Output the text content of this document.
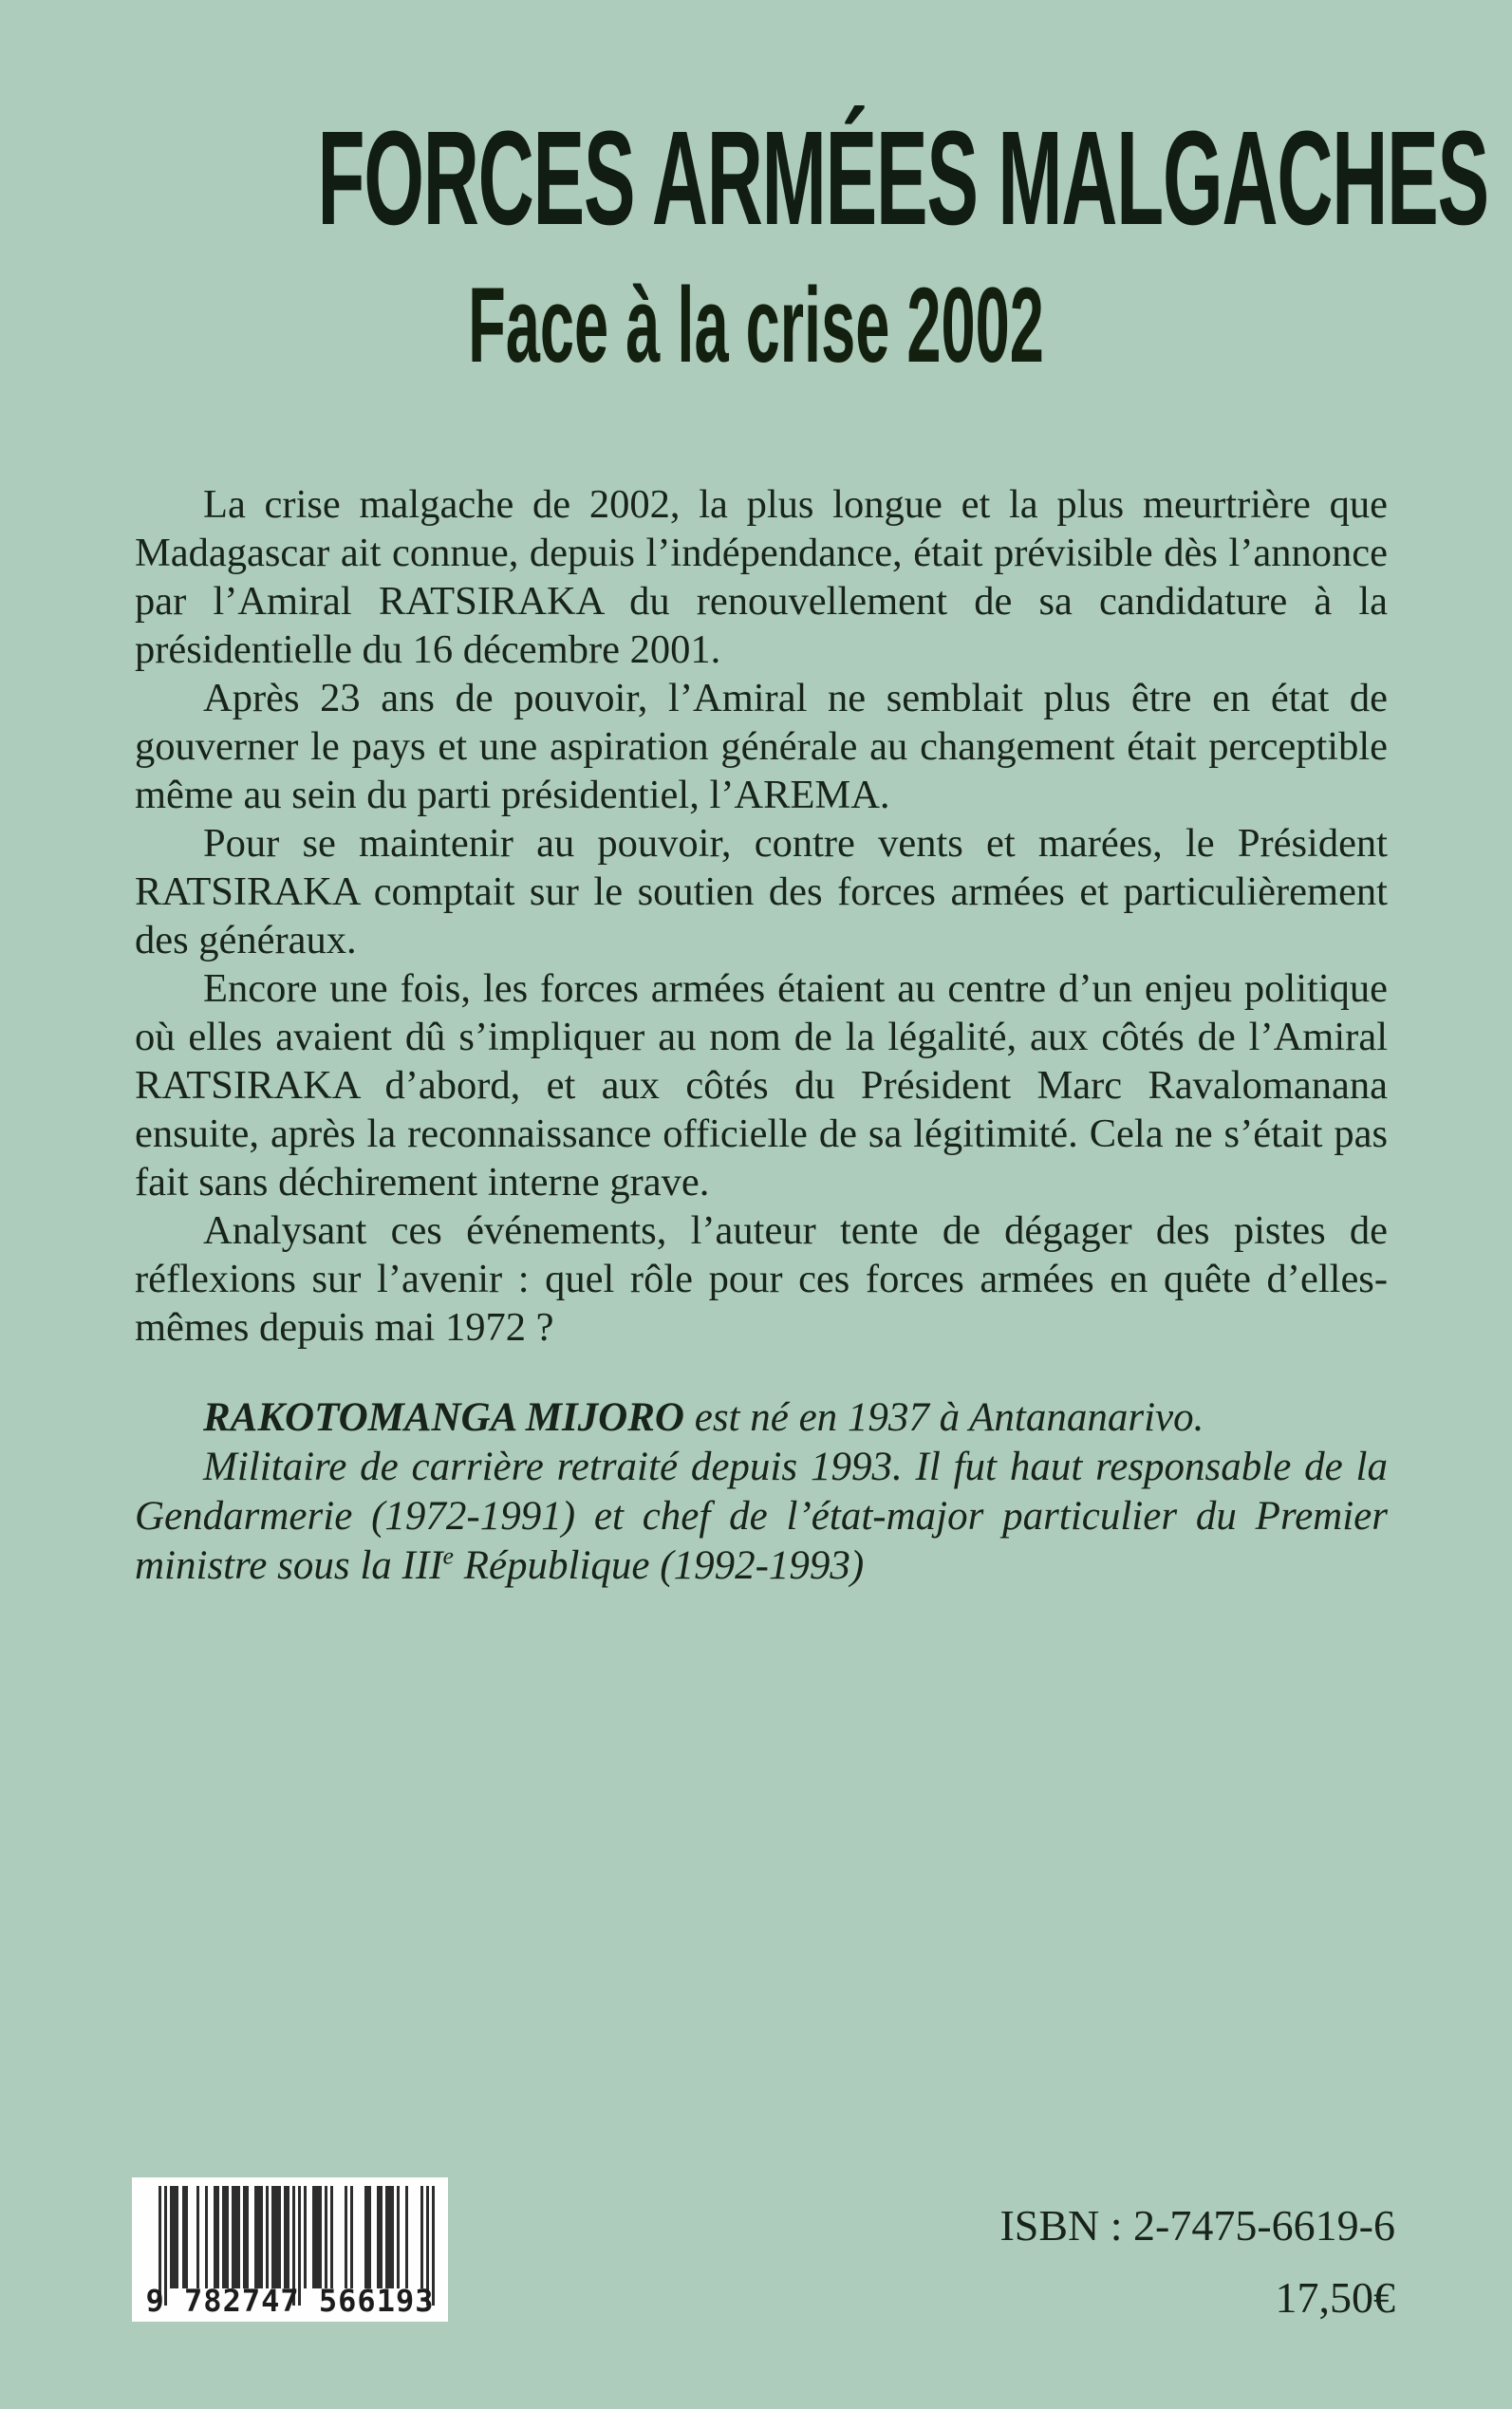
FORCES ARMÉES MALGACHES
Face à la crise 2002

La crise malgache de 2002, la plus longue et la plus meurtrière que Madagascar ait connue, depuis l’indépendance, était prévisible dès l’annonce par l’Amiral RATSIRAKA du renouvellement de sa candidature à la présidentielle du 16 décembre 2001.

Après 23 ans de pouvoir, l’Amiral ne semblait plus être en état de gouverner le pays et une aspiration générale au changement était perceptible même au sein du parti présidentiel, l’AREMA.

Pour se maintenir au pouvoir, contre vents et marées, le Président RATSIRAKA comptait sur le soutien des forces armées et particulièrement des généraux.

Encore une fois, les forces armées étaient au centre d’un enjeu politique où elles avaient dû s’impliquer au nom de la légalité, aux côtés de l’Amiral RATSIRAKA d’abord, et aux côtés du Président Marc Ravalomanana ensuite, après la reconnaissance officielle de sa légitimité. Cela ne s’était pas fait sans déchirement interne grave.

Analysant ces événements, l’auteur tente de dégager des pistes de réflexions sur l’avenir : quel rôle pour ces forces armées en quête d’elles-mêmes depuis mai 1972 ?

RAKOTOMANGA MIJORO est né en 1937 à Antananarivo.

Militaire de carrière retraité depuis 1993. Il fut haut responsable de la Gendarmerie (1972-1991) et chef de l’état-major particulier du Premier ministre sous la IIIe République (1992-1993)

9 782747 566193
ISBN : 2-7475-6619-6
17,50€
